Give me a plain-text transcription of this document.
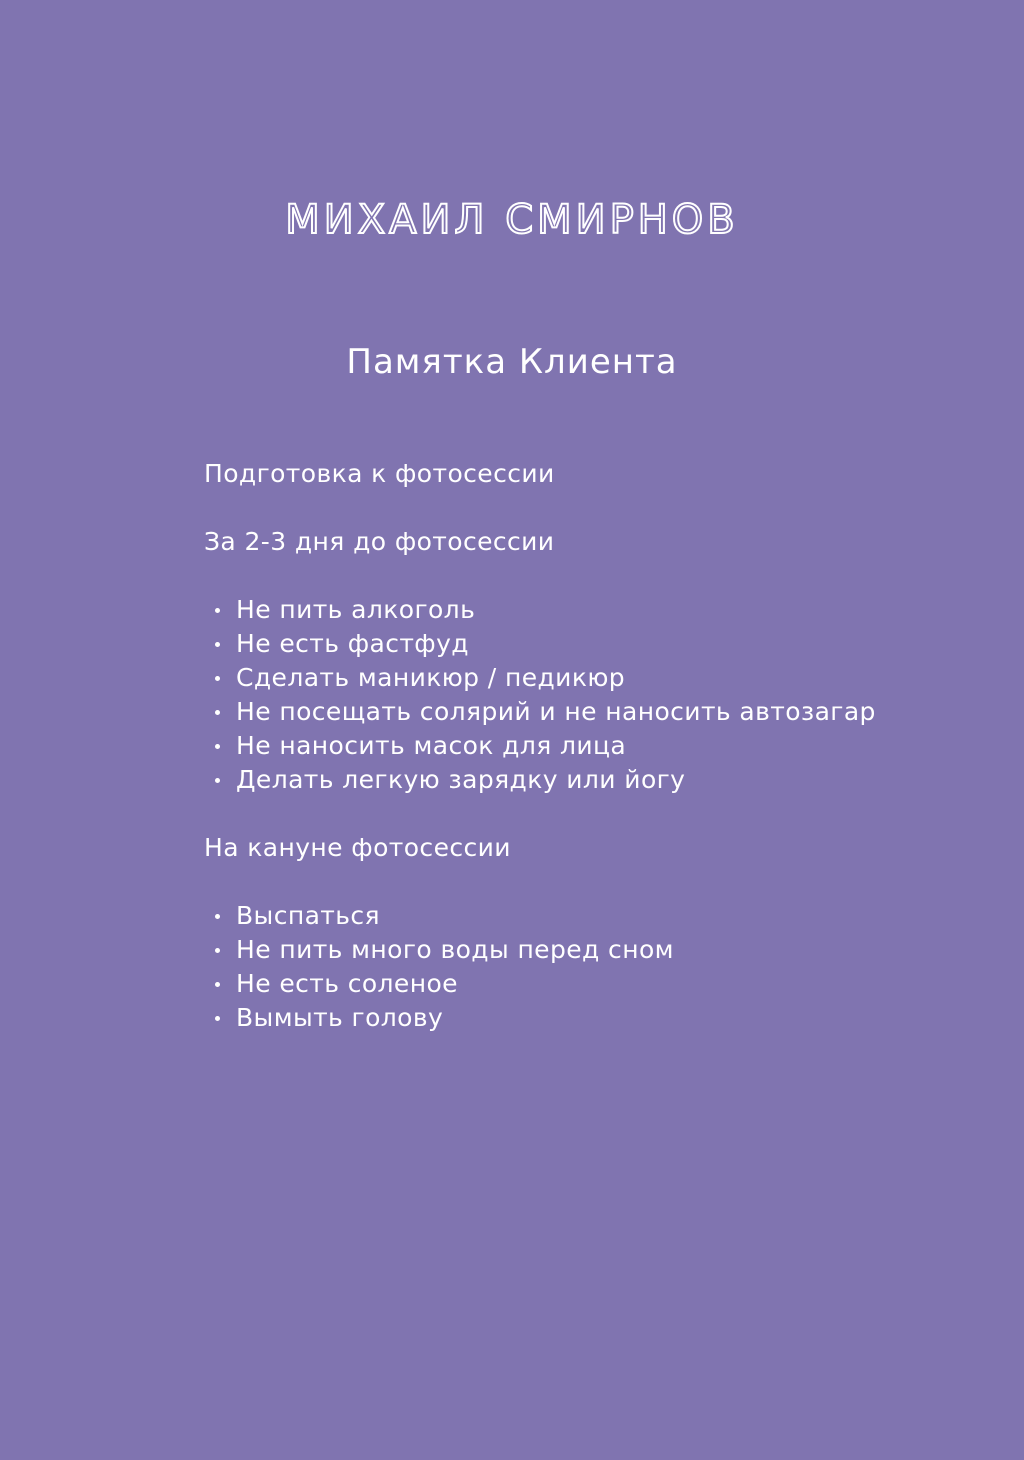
МИХАИЛ СМИРНОВ
Памятка Клиента
Подготовка к фотосессии
За 2-3 дня до фотосессии
Не пить алкоголь
Не есть фастфуд
Сделать маникюр / педикюр
Не посещать солярий и не наносить автозагар
Не наносить масок для лица
Делать легкую зарядку или йогу
На кануне фотосессии
Выспаться
Не пить много воды перед сном
Не есть соленое
Вымыть голову
